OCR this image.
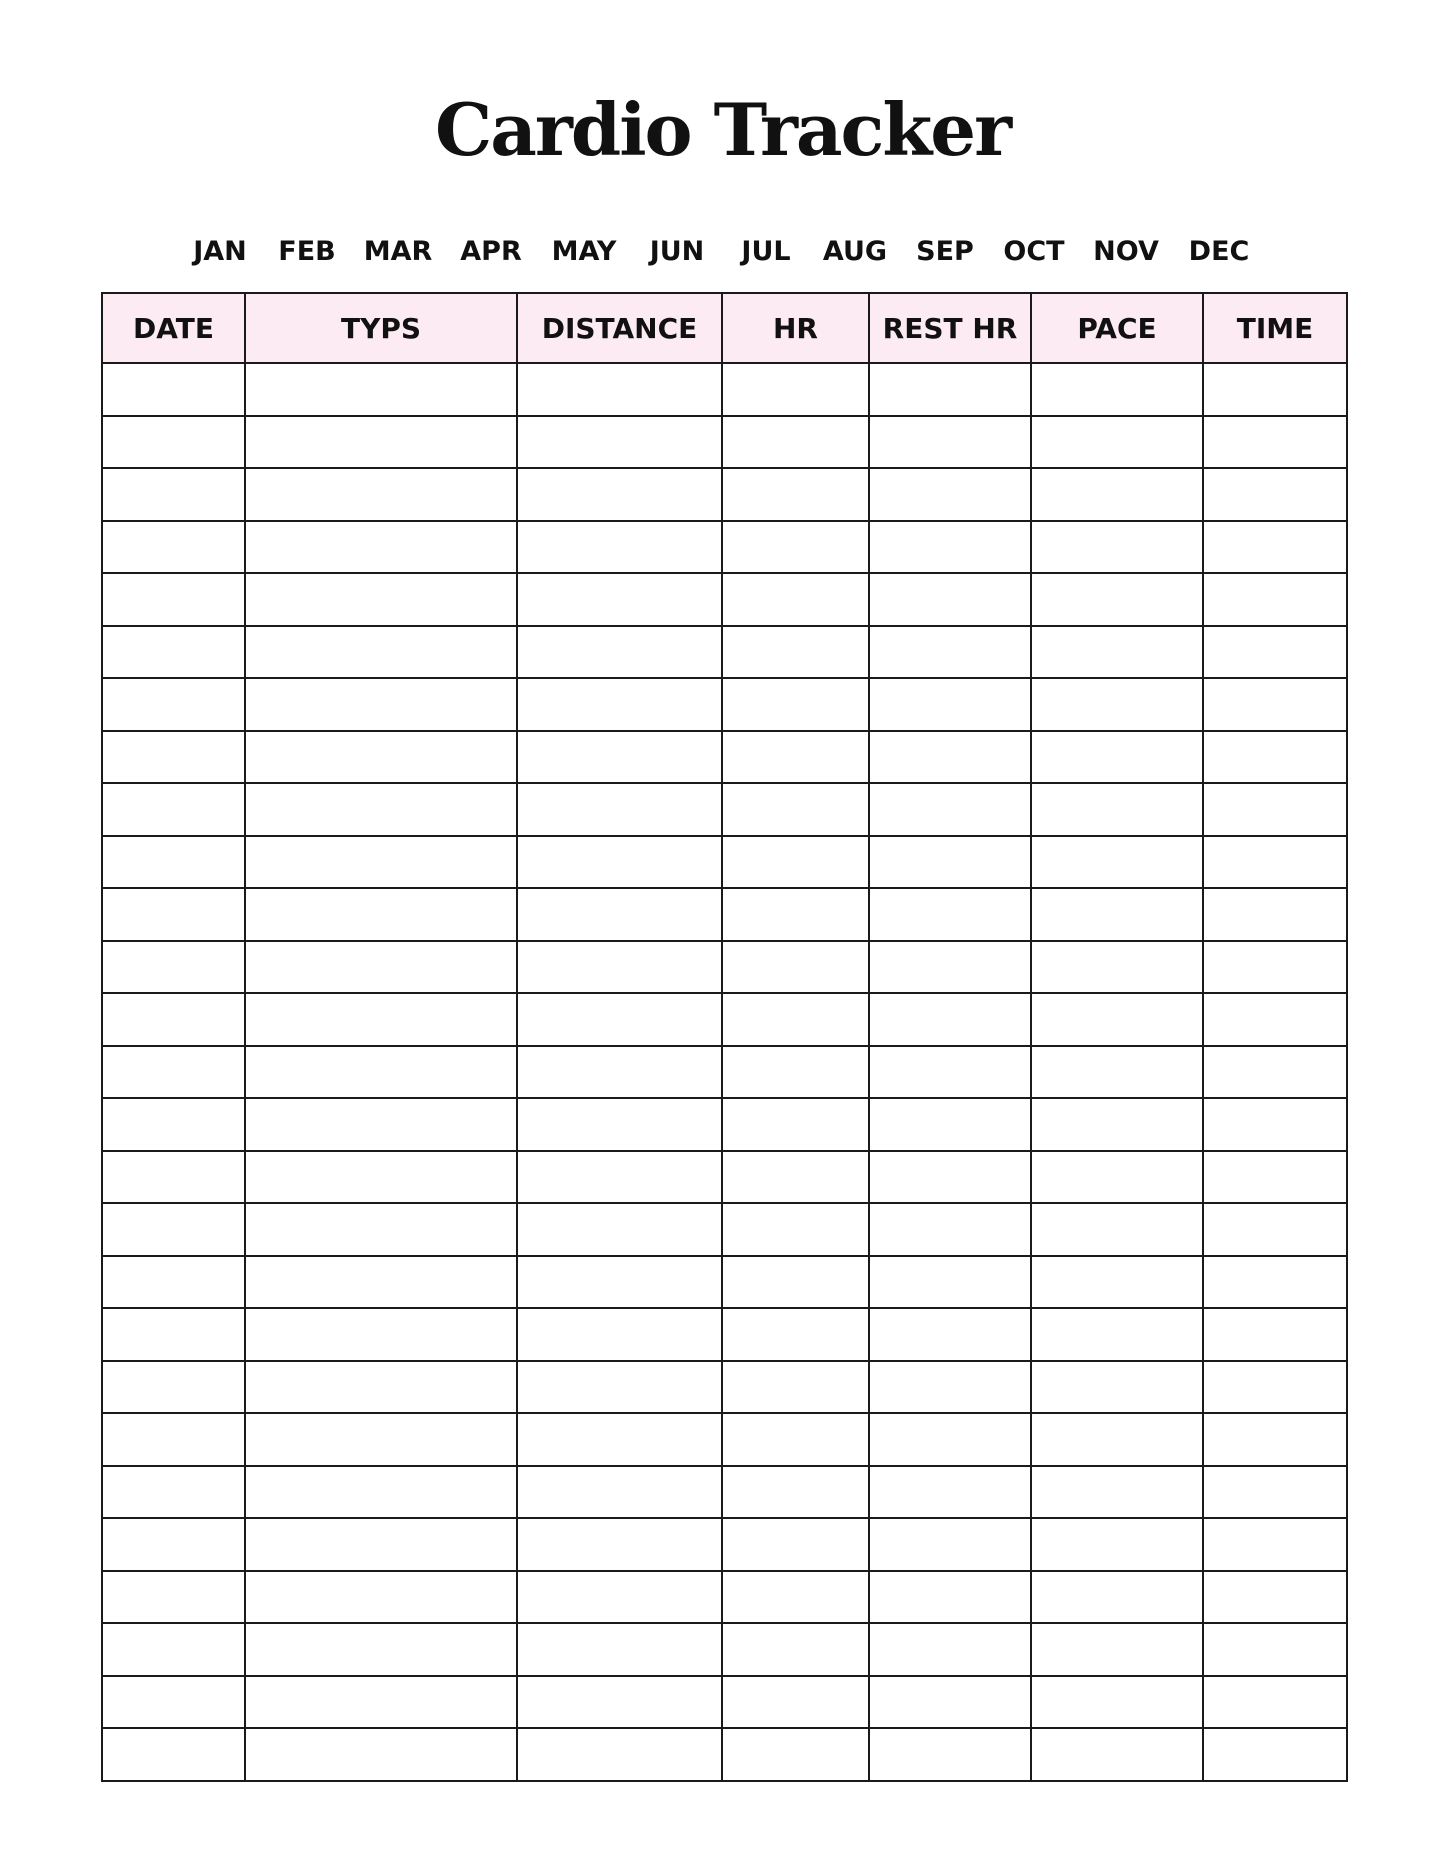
Cardio Tracker
JAN FEB MAR APR MAY JUN JUL AUG SEP OCT NOV DEC
DATE	TYPS	DISTANCE	HR	REST HR	PACE	TIME
